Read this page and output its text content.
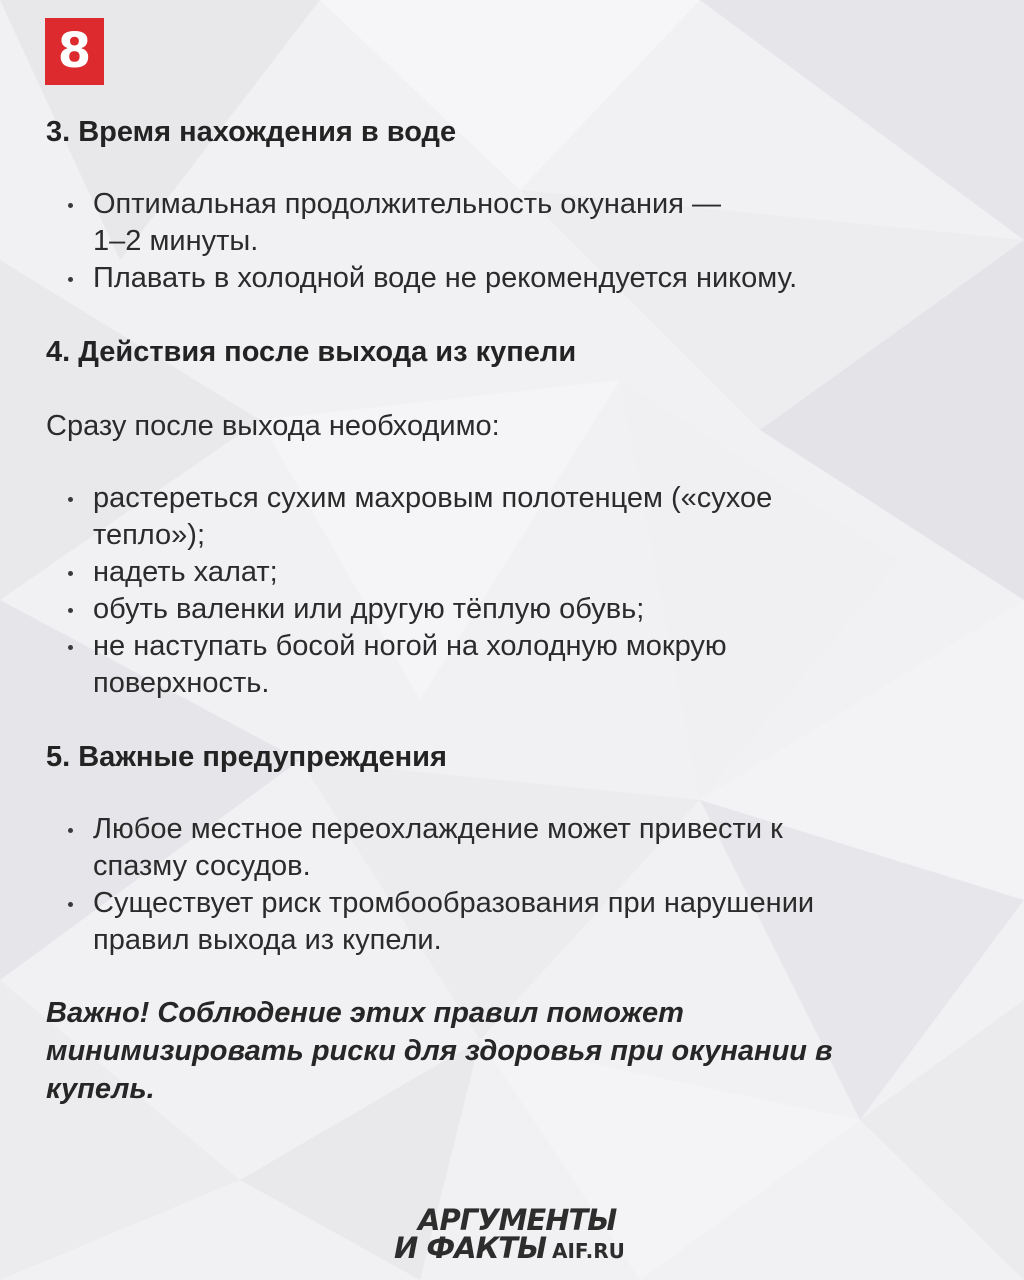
8
3. Время нахождения в воде
Оптимальная продолжительность окунания —
1–2 минуты.
Плавать в холодной воде не рекомендуется никому.
4. Действия после выхода из купели

Сразу после выхода необходимо:

растереться сухим махровым полотенцем («сухое
тепло»);
надеть халат;
обуть валенки или другую тёплую обувь;
не наступать босой ногой на холодную мокрую
поверхность.
5. Важные предупреждения
Любое местное переохлаждение может привести к
спазму сосудов.
Существует риск тромбообразования при нарушении
правил выхода из купели.

Важно! Соблюдение этих правил поможет
минимизировать риски для здоровья при окунании в
купель.

АРГУМЕНТЫ
И ФАКТЫ AIF.RU
